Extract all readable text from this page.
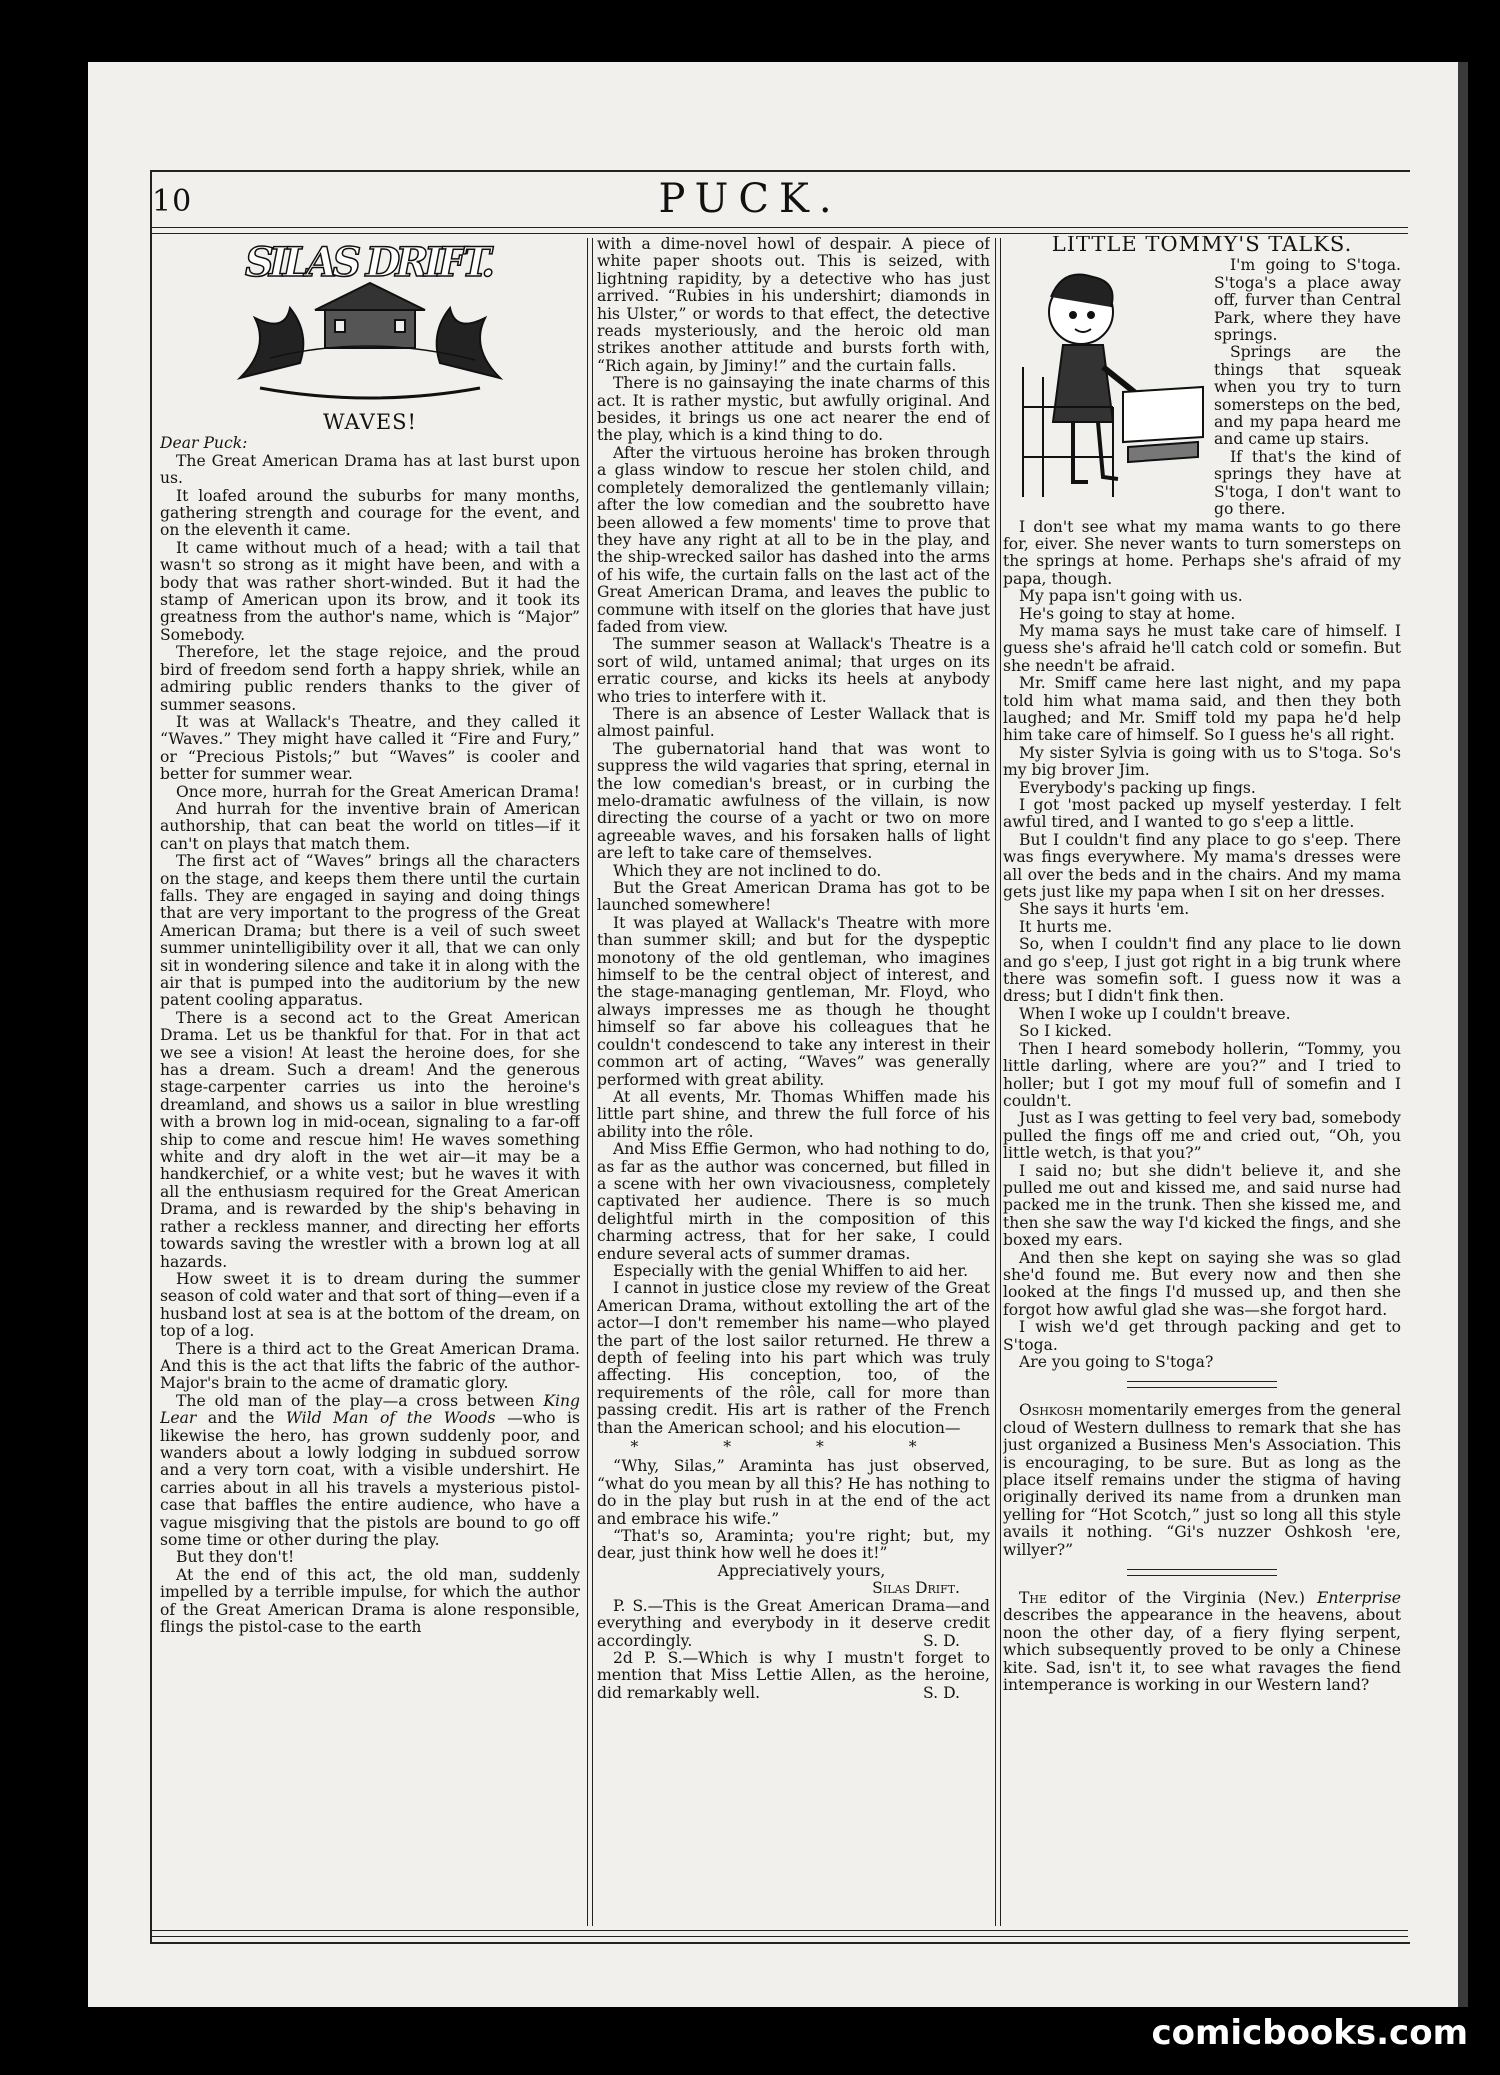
10	PUCK.
SILAS DRIFT.
WAVES!

Dear Puck:

The Great American Drama has at last burst upon us.

It loafed around the suburbs for many months, gathering strength and courage for the event, and on the eleventh it came.

It came without much of a head; with a tail that wasn't so strong as it might have been, and with a body that was rather short-winded. But it had the stamp of American upon its brow, and it took its greatness from the author's name, which is “Major” Somebody.

Therefore, let the stage rejoice, and the proud bird of freedom send forth a happy shriek, while an admiring public renders thanks to the giver of summer seasons.

It was at Wallack's Theatre, and they called it “Waves.” They might have called it “Fire and Fury,” or “Precious Pistols;” but “Waves” is cooler and better for summer wear.

Once more, hurrah for the Great American Drama!

And hurrah for the inventive brain of American authorship, that can beat the world on titles—if it can't on plays that match them.

The first act of “Waves” brings all the characters on the stage, and keeps them there until the curtain falls. They are engaged in saying and doing things that are very important to the progress of the Great American Drama; but there is a veil of such sweet summer unintelligibility over it all, that we can only sit in wondering silence and take it in along with the air that is pumped into the auditorium by the new patent cooling apparatus.

There is a second act to the Great American Drama. Let us be thankful for that. For in that act we see a vision! At least the heroine does, for she has a dream. Such a dream! And the generous stage-carpenter carries us into the heroine's dreamland, and shows us a sailor in blue wrestling with a brown log in mid-ocean, signaling to a far-off ship to come and rescue him! He waves something white and dry aloft in the wet air—it may be a handkerchief, or a white vest; but he waves it with all the enthusiasm required for the Great American Drama, and is rewarded by the ship's behaving in rather a reckless manner, and directing her efforts towards saving the wrestler with a brown log at all hazards.

How sweet it is to dream during the summer season of cold water and that sort of thing—even if a husband lost at sea is at the bottom of the dream, on top of a log.

There is a third act to the Great American Drama. And this is the act that lifts the fabric of the author-Major's brain to the acme of dramatic glory.

The old man of the play—a cross between King Lear and the Wild Man of the Woods —who is likewise the hero, has grown suddenly poor, and wanders about a lowly lodging in subdued sorrow and a very torn coat, with a visible undershirt. He carries about in all his travels a mysterious pistol-case that baffles the entire audience, who have a vague misgiving that the pistols are bound to go off some time or other during the play.

But they don't!

At the end of this act, the old man, suddenly impelled by a terrible impulse, for which the author of the Great American Drama is alone responsible, flings the pistol-case to the earth

with a dime-novel howl of despair. A piece of white paper shoots out. This is seized, with lightning rapidity, by a detective who has just arrived. “Rubies in his undershirt; diamonds in his Ulster,” or words to that effect, the detective reads mysteriously, and the heroic old man strikes another attitude and bursts forth with, “Rich again, by Jiminy!” and the curtain falls.

There is no gainsaying the inate charms of this act. It is rather mystic, but awfully original. And besides, it brings us one act nearer the end of the play, which is a kind thing to do.

After the virtuous heroine has broken through a glass window to rescue her stolen child, and completely demoralized the gentlemanly villain; after the low comedian and the soubretto have been allowed a few moments' time to prove that they have any right at all to be in the play, and the ship-wrecked sailor has dashed into the arms of his wife, the curtain falls on the last act of the Great American Drama, and leaves the public to commune with itself on the glories that have just faded from view.

The summer season at Wallack's Theatre is a sort of wild, untamed animal; that urges on its erratic course, and kicks its heels at anybody who tries to interfere with it.

There is an absence of Lester Wallack that is almost painful.

The gubernatorial hand that was wont to suppress the wild vagaries that spring, eternal in the low comedian's breast, or in curbing the melo-dramatic awfulness of the villain, is now directing the course of a yacht or two on more agreeable waves, and his forsaken halls of light are left to take care of themselves.

Which they are not inclined to do.

But the Great American Drama has got to be launched somewhere!

It was played at Wallack's Theatre with more than summer skill; and but for the dyspeptic monotony of the old gentleman, who imagines himself to be the central object of interest, and the stage-managing gentleman, Mr. Floyd, who always impresses me as though he thought himself so far above his colleagues that he couldn't condescend to take any interest in their common art of acting, “Waves” was generally performed with great ability.

At all events, Mr. Thomas Whiffen made his little part shine, and threw the full force of his ability into the rôle.

And Miss Effie Germon, who had nothing to do, as far as the author was concerned, but filled in a scene with her own vivaciousness, completely captivated her audience. There is so much delightful mirth in the composition of this charming actress, that for her sake, I could endure several acts of summer dramas.

Especially with the genial Whiffen to aid her.

I cannot in justice close my review of the Great American Drama, without extolling the art of the actor—I don't remember his name—who played the part of the lost sailor returned. He threw a depth of feeling into his part which was truly affecting. His conception, too, of the requirements of the rôle, call for more than passing credit. His art is rather of the French than the American school; and his elocution—

* * * *

“Why, Silas,” Araminta has just observed, “what do you mean by all this? He has nothing to do in the play but rush in at the end of the act and embrace his wife.”

“That's so, Araminta; you're right; but, my dear, just think how well he does it!”

Appreciatively yours,

Silas Drift.

P. S.—This is the Great American Drama—and everything and everybody in it deserve credit accordingly.	S. D.

2d P. S.—Which is why I mustn't forget to mention that Miss Lettie Allen, as the heroine, did remarkably well.	S. D.

LITTLE TOMMY'S TALKS.

I'm going to S'toga. S'toga's a place away off, furver than Central Park, where they have springs.

Springs are the things that squeak when you try to turn somersteps on the bed, and my papa heard me and came up stairs.

If that's the kind of springs they have at S'toga, I don't want to go there.

I don't see what my mama wants to go there for, eiver. She never wants to turn somersteps on the springs at home. Perhaps she's afraid of my papa, though.

My papa isn't going with us.

He's going to stay at home.

My mama says he must take care of himself. I guess she's afraid he'll catch cold or somefin. But she needn't be afraid.

Mr. Smiff came here last night, and my papa told him what mama said, and then they both laughed; and Mr. Smiff told my papa he'd help him take care of himself. So I guess he's all right.

My sister Sylvia is going with us to S'toga. So's my big brover Jim.

Everybody's packing up fings.

I got 'most packed up myself yesterday. I felt awful tired, and I wanted to go s'eep a little.

But I couldn't find any place to go s'eep. There was fings everywhere. My mama's dresses were all over the beds and in the chairs. And my mama gets just like my papa when I sit on her dresses.

She says it hurts 'em.

It hurts me.

So, when I couldn't find any place to lie down and go s'eep, I just got right in a big trunk where there was somefin soft. I guess now it was a dress; but I didn't fink then.

When I woke up I couldn't breave.

So I kicked.

Then I heard somebody hollerin, “Tommy, you little darling, where are you?” and I tried to holler; but I got my mouf full of somefin and I couldn't.

Just as I was getting to feel very bad, somebody pulled the fings off me and cried out, “Oh, you little wetch, is that you?”

I said no; but she didn't believe it, and she pulled me out and kissed me, and said nurse had packed me in the trunk. Then she kissed me, and then she saw the way I'd kicked the fings, and she boxed my ears.

And then she kept on saying she was so glad she'd found me. But every now and then she looked at the fings I'd mussed up, and then she forgot how awful glad she was—she forgot hard.

I wish we'd get through packing and get to S'toga.

Are you going to S'toga?

Oshkosh momentarily emerges from the general cloud of Western dullness to remark that she has just organized a Business Men's Association. This is encouraging, to be sure. But as long as the place itself remains under the stigma of having originally derived its name from a drunken man yelling for “Hot Scotch,” just so long all this style avails it nothing. “Gi's nuzzer Oshkosh 'ere, willyer?”

The editor of the Virginia (Nev.) Enterprise describes the appearance in the heavens, about noon the other day, of a fiery flying serpent, which subsequently proved to be only a Chinese kite. Sad, isn't it, to see what ravages the fiend intemperance is working in our Western land?

comicbooks.com
